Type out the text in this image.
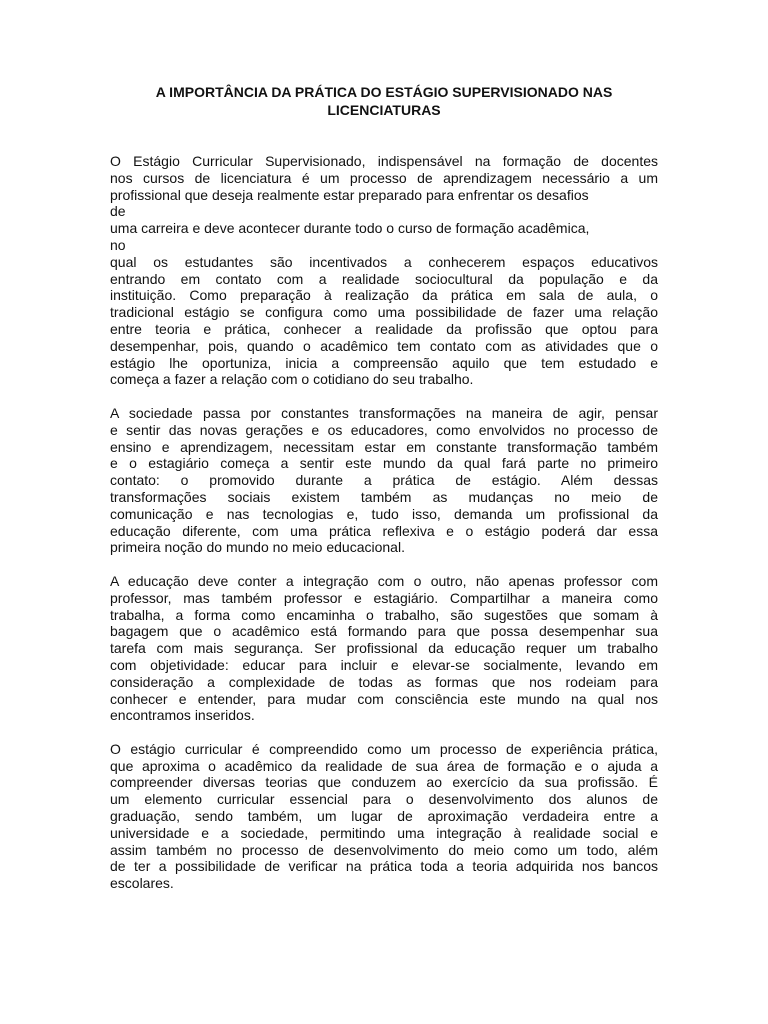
A IMPORTÂNCIA DA PRÁTICA DO ESTÁGIO SUPERVISIONADO NAS
LICENCIATURAS
O Estágio Curricular Supervisionado, indispensável na formação de docentes
nos cursos de licenciatura é um processo de aprendizagem necessário a um
profissional que deseja realmente estar preparado para enfrentar os desafios
de
uma carreira e deve acontecer durante todo o curso de formação acadêmica,
no
qual os estudantes são incentivados a conhecerem espaços educativos
entrando em contato com a realidade sociocultural da população e da
instituição. Como preparação à realização da prática em sala de aula, o
tradicional estágio se configura como uma possibilidade de fazer uma relação
entre teoria e prática, conhecer a realidade da profissão que optou para
desempenhar, pois, quando o acadêmico tem contato com as atividades que o
estágio lhe oportuniza, inicia a compreensão aquilo que tem estudado e
começa a fazer a relação com o cotidiano do seu trabalho.
A sociedade passa por constantes transformações na maneira de agir, pensar
e sentir das novas gerações e os educadores, como envolvidos no processo de
ensino e aprendizagem, necessitam estar em constante transformação também
e o estagiário começa a sentir este mundo da qual fará parte no primeiro
contato: o promovido durante a prática de estágio. Além dessas
transformações sociais existem também as mudanças no meio de
comunicação e nas tecnologias e, tudo isso, demanda um profissional da
educação diferente, com uma prática reflexiva e o estágio poderá dar essa
primeira noção do mundo no meio educacional.
A educação deve conter a integração com o outro, não apenas professor com
professor, mas também professor e estagiário. Compartilhar a maneira como
trabalha, a forma como encaminha o trabalho, são sugestões que somam à
bagagem que o acadêmico está formando para que possa desempenhar sua
tarefa com mais segurança. Ser profissional da educação requer um trabalho
com objetividade: educar para incluir e elevar-se socialmente, levando em
consideração a complexidade de todas as formas que nos rodeiam para
conhecer e entender, para mudar com consciência este mundo na qual nos
encontramos inseridos.
O estágio curricular é compreendido como um processo de experiência prática,
que aproxima o acadêmico da realidade de sua área de formação e o ajuda a
compreender diversas teorias que conduzem ao exercício da sua profissão. É
um elemento curricular essencial para o desenvolvimento dos alunos de
graduação, sendo também, um lugar de aproximação verdadeira entre a
universidade e a sociedade, permitindo uma integração à realidade social e
assim também no processo de desenvolvimento do meio como um todo, além
de ter a possibilidade de verificar na prática toda a teoria adquirida nos bancos
escolares.
